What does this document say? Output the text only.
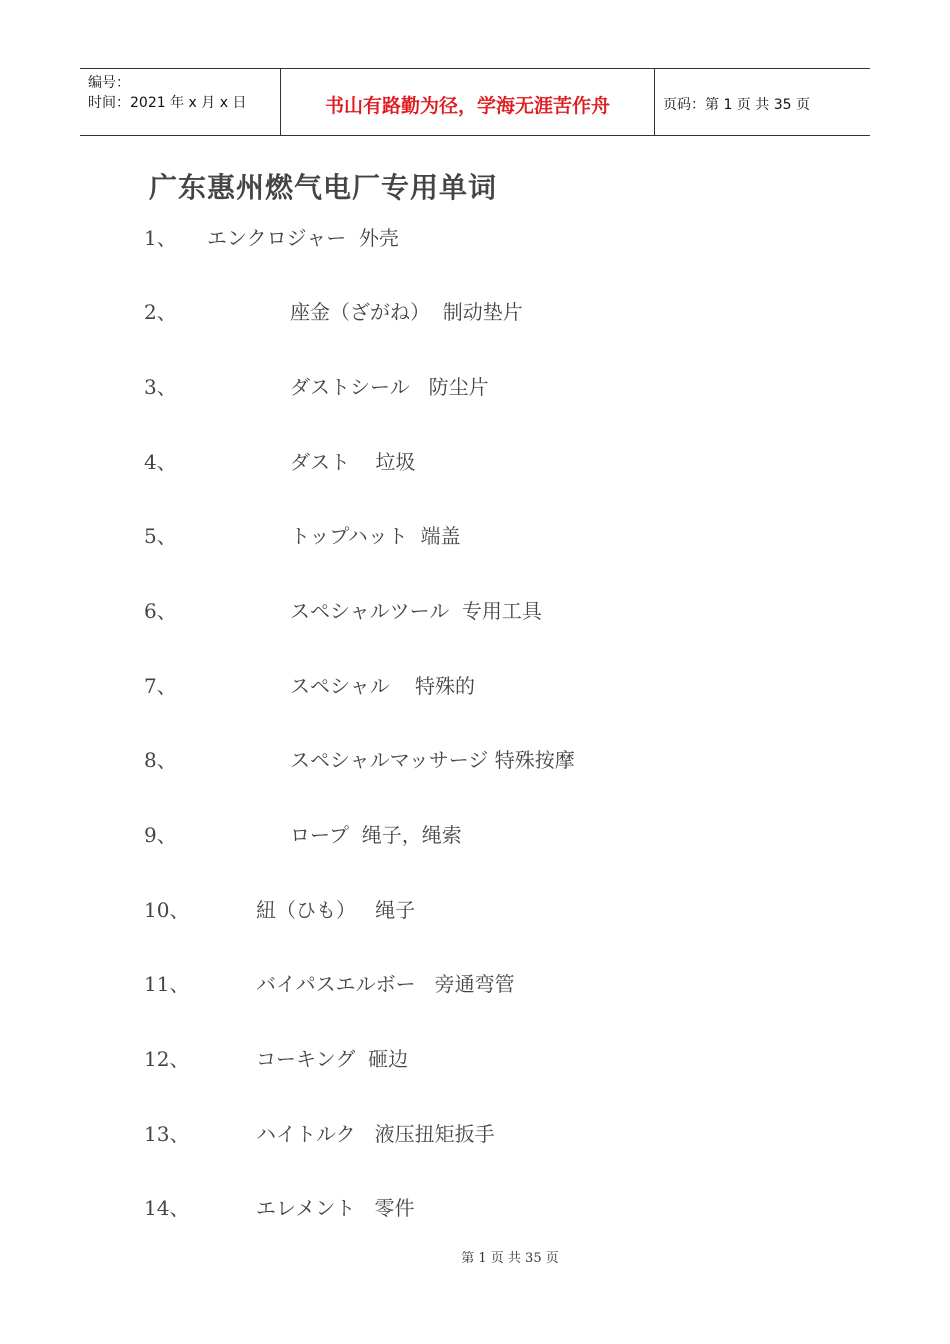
编号：
时间：2021 年 x 月 x 日	书山有路勤为径，学海无涯苦作舟	页码：第 1 页 共 35 页
广东惠州燃气电厂专用单词

1、

エンクロジャー  外壳

2、

	座金（ざがね）  制动垫片

3、

	ダストシール   防尘片

4、

	ダスト    垃圾

5、

	トップハット  端盖

6、

	スペシャルツール  专用工具

7、

	スペシャル    特殊的

8、

	スペシャルマッサージ 特殊按摩

9、

	ロープ  绳子，绳索

10、

	紐（ひも）   绳子

11、

	バイパスエルボー   旁通弯管

12、

	コーキング  砸边

13、

	ハイトルク   液压扭矩扳手

14、

	エレメント   零件

第 1 页 共 35 页
